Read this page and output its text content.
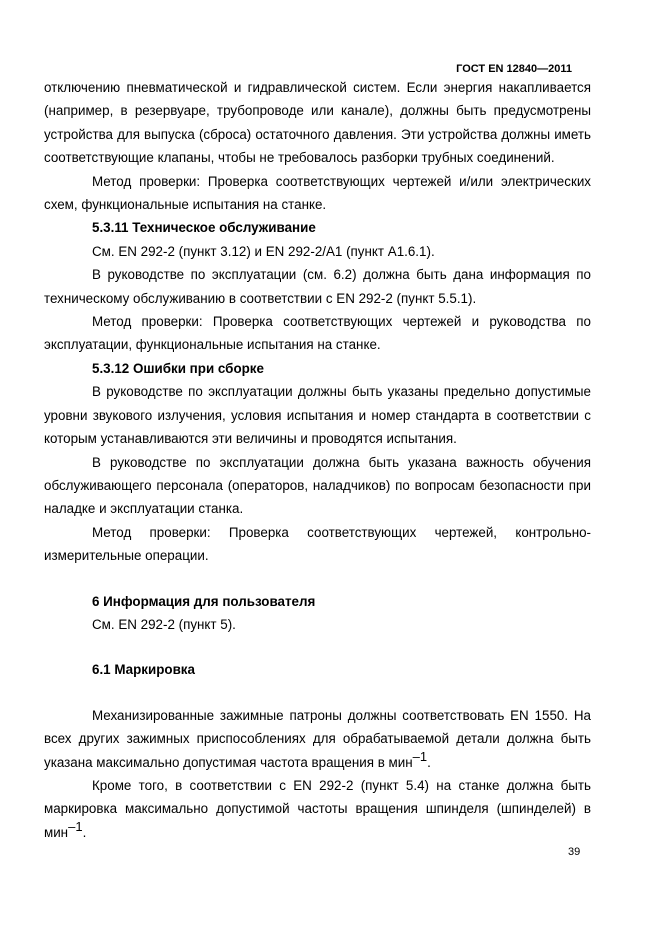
ГОСТ EN 12840—2011

отключению пневматической и гидравлической систем. Если энергия накапливается (например, в резервуаре, трубопроводе или канале), должны быть предусмотрены устройства для выпуска (сброса) остаточного давления. Эти устройства должны иметь соответствующие клапаны, чтобы не требовалось разборки трубных соединений.

Метод проверки: Проверка соответствующих чертежей и/или электрических схем, функциональные испытания на станке.

5.3.11 Техническое обслуживание

См. EN 292-2 (пункт 3.12) и EN 292-2/A1 (пункт A1.6.1).

В руководстве по эксплуатации (см. 6.2) должна быть дана информация по техническому обслуживанию в соответствии с EN 292-2 (пункт 5.5.1).

Метод проверки: Проверка соответствующих чертежей и руководства по эксплуатации, функциональные испытания на станке.

5.3.12 Ошибки при сборке

В руководстве по эксплуатации должны быть указаны предельно допустимые уровни звукового излучения, условия испытания и номер стандарта в соответствии с которым устанавливаются эти величины и проводятся испытания.

В руководстве по эксплуатации должна быть указана важность обучения обслуживающего персонала (операторов, наладчиков) по вопросам безопасности при наладке и эксплуатации станка.

Метод проверки: Проверка соответствующих чертежей, контрольно-измерительные операции.

6 Информация для пользователя

См. EN 292-2 (пункт 5).

6.1 Маркировка

Механизированные зажимные патроны должны соответствовать EN 1550. На всех других зажимных приспособлениях для обрабатываемой детали должна быть указана максимально допустимая частота вращения в мин$^{-1}$.

Кроме того, в соответствии с EN 292-2 (пункт 5.4) на станке должна быть маркировка максимально допустимой частоты вращения шпинделя (шпинделей) в мин$^{-1}$.

39
